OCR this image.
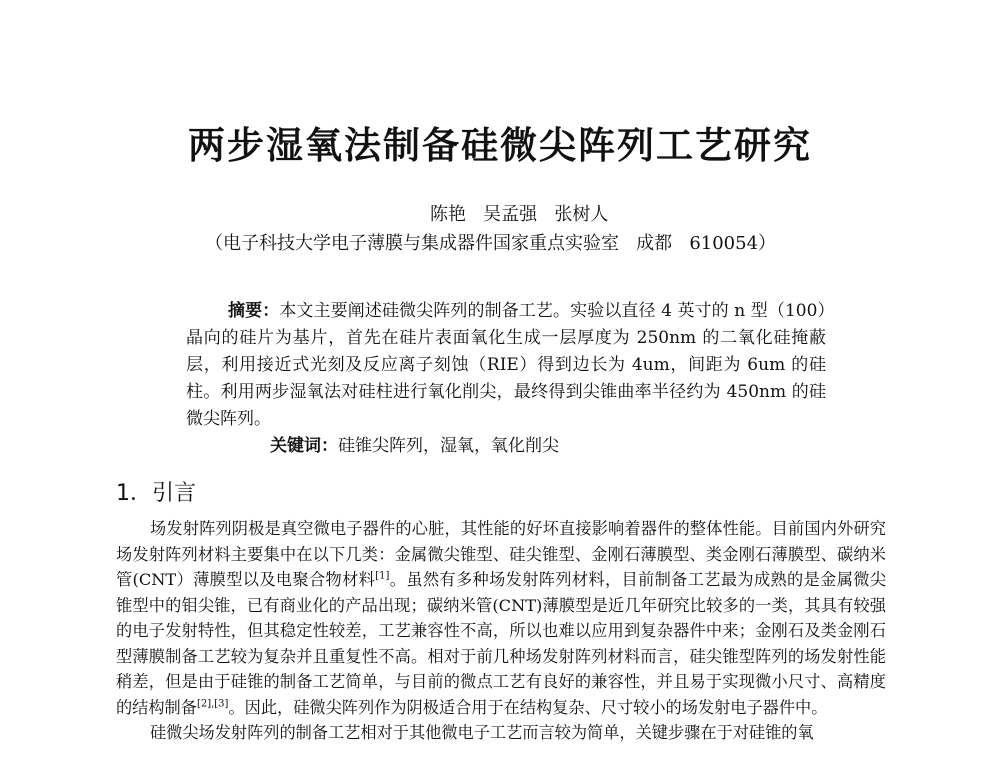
两步湿氧法制备硅微尖阵列工艺研究
陈艳   吴孟强   张树人
（电子科技大学电子薄膜与集成器件国家重点实验室   成都   610054）

摘要：本文主要阐述硅微尖阵列的制备工艺。实验以直径 4 英寸的 n 型（100）晶向的硅片为基片，首先在硅片表面氧化生成一层厚度为 250nm 的二氧化硅掩蔽层，利用接近式光刻及反应离子刻蚀（RIE）得到边长为 4um，间距为 6um 的硅柱。利用两步湿氧法对硅柱进行氧化削尖，最终得到尖锥曲率半径约为 450nm 的硅微尖阵列。

关键词：硅锥尖阵列，湿氧，氧化削尖

1．引言

场发射阵列阴极是真空微电子器件的心脏，其性能的好坏直接影响着器件的整体性能。目前国内外研究场发射阵列材料主要集中在以下几类：金属微尖锥型、硅尖锥型、金刚石薄膜型、类金刚石薄膜型、碳纳米管(CNT）薄膜型以及电聚合物材料[1]。虽然有多种场发射阵列材料，目前制备工艺最为成熟的是金属微尖锥型中的钼尖锥，已有商业化的产品出现；碳纳米管(CNT)薄膜型是近几年研究比较多的一类，其具有较强的电子发射特性，但其稳定性较差，工艺兼容性不高，所以也难以应用到复杂器件中来；金刚石及类金刚石型薄膜制备工艺较为复杂并且重复性不高。相对于前几种场发射阵列材料而言，硅尖锥型阵列的场发射性能稍差，但是由于硅锥的制备工艺简单，与目前的微点工艺有良好的兼容性，并且易于实现微小尺寸、高精度的结构制备[2],[3]。因此，硅微尖阵列作为阴极适合用于在结构复杂、尺寸较小的场发射电子器件中。

硅微尖场发射阵列的制备工艺相对于其他微电子工艺而言较为简单，关键步骤在于对硅锥的氧
